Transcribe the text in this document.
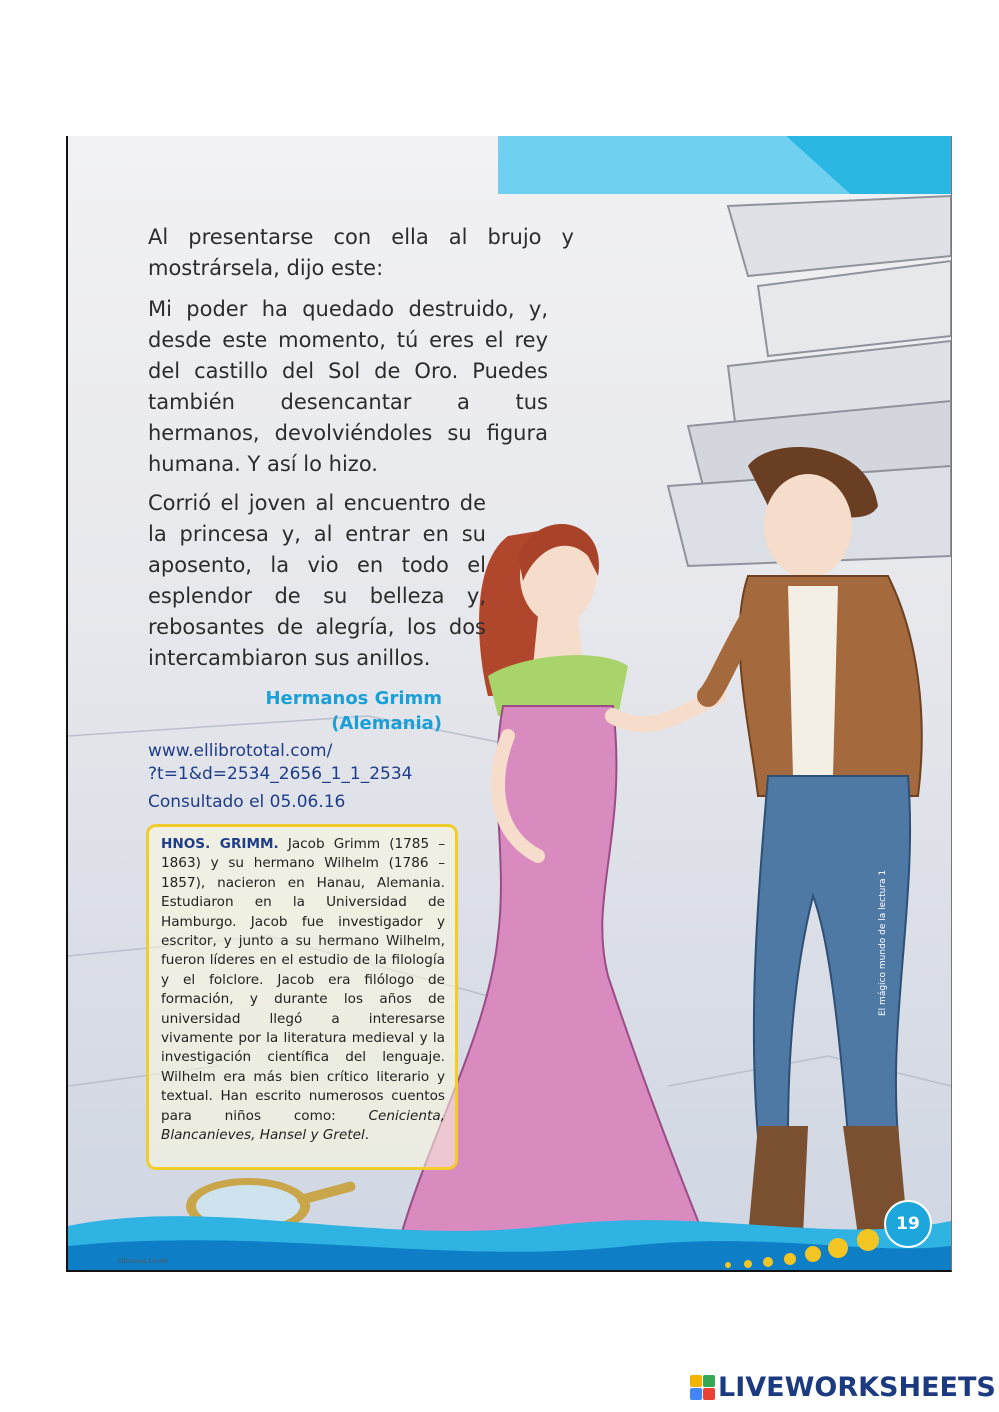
Al presentarse con ella al brujo y mostrársela, dijo este:

Mi poder ha quedado destruido, y, desde este momento, tú eres el rey del castillo del Sol de Oro. Puedes también desencantar a tus hermanos, devolviéndoles su figura humana. Y así lo hizo.

Corrió el joven al encuentro de la princesa y, al entrar en su aposento, la vio en todo el esplendor de su belleza y, rebosantes de alegría, los dos intercambiaron sus anillos.

Hermanos Grimm
(Alemania)
www.ellibrototal.com/
?t=1&d=2534_2656_1_1_2534
Consultado el 05.06.16
HNOS. GRIMM. Jacob Grimm (1785 – 1863) y su hermano Wilhelm (1786 – 1857), nacieron en Hanau, Alemania. Estudiaron en la Universidad de Hamburgo. Jacob fue investigador y escritor, y junto a su hermano Wilhelm, fueron líderes en el estudio de la filología y el folclore. Jacob era filólogo de formación, y durante los años de universidad llegó a interesarse vivamente por la literatura medieval y la investigación científica del lenguaje. Wilhelm era más bien crítico literario y textual. Han escrito numerosos cuentos para niños como: Cenicienta, Blancanieves, Hansel y Gretel.
El mágico mundo de la lectura 1
19
Ediciones Corefo
LIVEWORKSHEETS
